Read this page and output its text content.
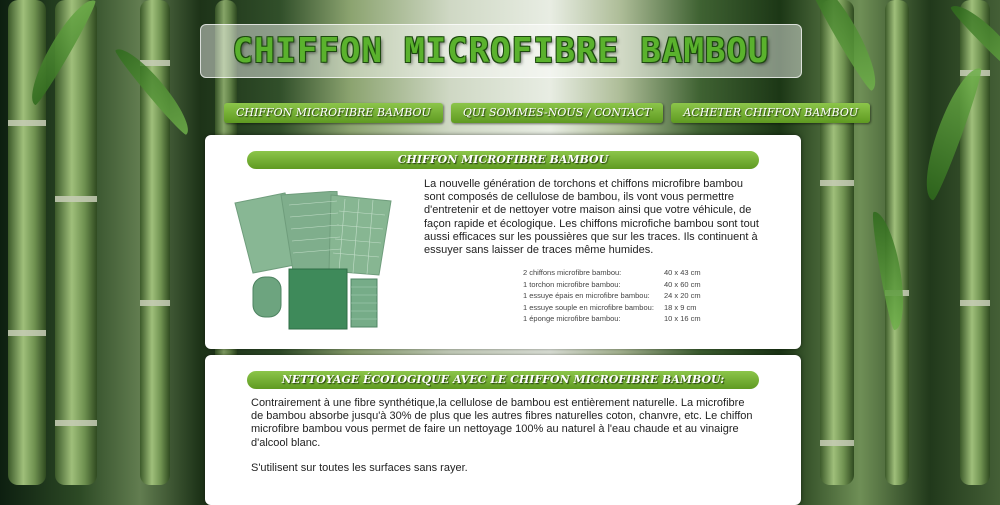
CHIFFON MICROFIBRE BAMBOU
CHIFFON MICROFIBRE BAMBOU	QUI SOMMES-NOUS / CONTACT	ACHETER CHIFFON BAMBOU
CHIFFON MICROFIBRE BAMBOU
La nouvelle génération de torchons et chiffons microfibre bambou sont composés de cellulose de bambou, ils vont vous permettre d'entretenir et de nettoyer votre maison ainsi que votre véhicule, de façon rapide et écologique. Les chiffons microfiche bambou sont tout aussi efficaces sur les poussières que sur les traces. Ils continuent à essuyer sans laisser de traces même humides.
2 chiffons microfibre bambou:	40 x 43 cm
1 torchon microfibre bambou:	40 x 60 cm
1 essuye épais en microfibre bambou:	24 x 20 cm
1 essuye souple en microfibre bambou:	18 x 9 cm
1 éponge microfibre bambou:	10 x 16 cm
NETTOYAGE ÉCOLOGIQUE AVEC LE CHIFFON MICROFIBRE BAMBOU:

Contrairement à une fibre synthétique,la cellulose de bambou est entièrement naturelle. La microfibre de bambou absorbe jusqu'à 30% de plus que les autres fibres naturelles coton, chanvre, etc. Le chiffon microfibre bambou vous permet de faire un nettoyage 100% au naturel à l'eau chaude et au vinaigre d'alcool blanc.

S'utilisent sur toutes les surfaces sans rayer.
